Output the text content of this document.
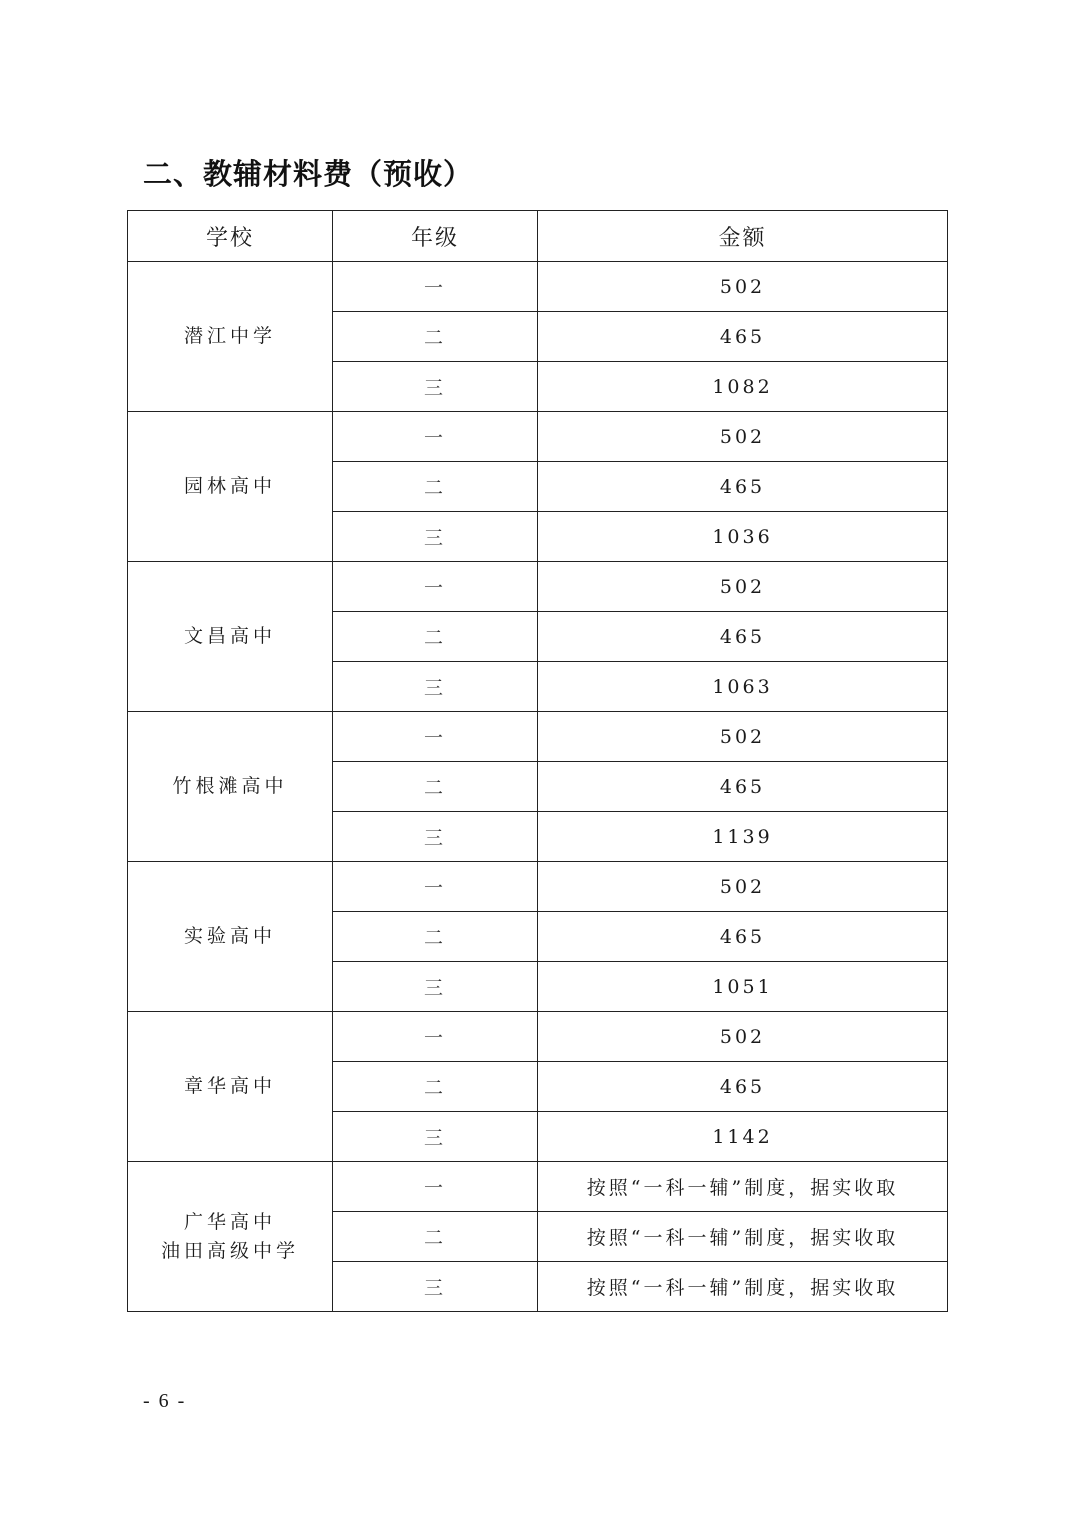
二、教辅材料费（预收）
学校	年级	金额
潜江中学	一	502
	二	465
	三	1082
园林高中	一	502
	二	465
	三	1036
文昌高中	一	502
	二	465
	三	1063
竹根滩高中	一	502
	二	465
	三	1139
实验高中	一	502
	二	465
	三	1051
章华高中	一	502
	二	465
	三	1142

广华高中
油田高级中学	一	按照“一科一辅”制度，据实收取
	二	按照“一科一辅”制度，据实收取
	三	按照“一科一辅”制度，据实收取
- 6 -
